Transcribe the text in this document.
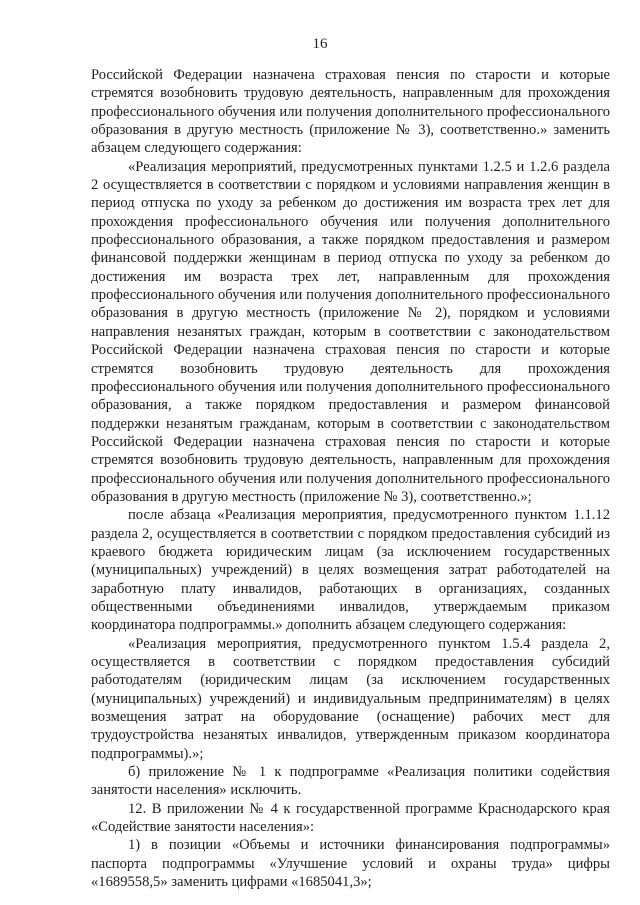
16

Российской Федерации назначена страховая пенсия по старости и которые стремятся возобновить трудовую деятельность, направленным для прохождения профессионального обучения или получения дополнительного профессионального образования в другую местность (приложение № 3), соответственно.» заменить абзацем следующего содержания:

«Реализация мероприятий, предусмотренных пунктами 1.2.5 и 1.2.6 раздела 2 осуществляется в соответствии с порядком и условиями направления женщин в период отпуска по уходу за ребенком до достижения им возраста трех лет для прохождения профессионального обучения или получения дополнительного профессионального образования, а также порядком предоставления и размером финансовой поддержки женщинам в период отпуска по уходу за ребенком до достижения им возраста трех лет, направленным для прохождения профессионального обучения или получения дополнительного профессионального образования в другую местность (приложение № 2), порядком и условиями направления незанятых граждан, которым в соответствии с законодательством Российской Федерации назначена страховая пенсия по старости и которые стремятся возобновить трудовую деятельность для прохождения профессионального обучения или получения дополнительного профессионального образования, а также порядком предоставления и размером финансовой поддержки незанятым гражданам, которым в соответствии с законодательством Российской Федерации назначена страховая пенсия по старости и которые стремятся возобновить трудовую деятельность, направленным для прохождения профессионального обучения или получения дополнительного профессионального образования в другую местность (приложение № 3), соответственно.»;

после абзаца «Реализация мероприятия, предусмотренного пунктом 1.1.12 раздела 2, осуществляется в соответствии с порядком предоставления субсидий из краевого бюджета юридическим лицам (за исключением государственных (муниципальных) учреждений) в целях возмещения затрат работодателей на заработную плату инвалидов, работающих в организациях, созданных общественными объединениями инвалидов, утверждаемым приказом координатора подпрограммы.» дополнить абзацем следующего содержания:

«Реализация мероприятия, предусмотренного пунктом 1.5.4 раздела 2, осуществляется в соответствии с порядком предоставления субсидий работодателям (юридическим лицам (за исключением государственных (муниципальных) учреждений) и индивидуальным предпринимателям) в целях возмещения затрат на оборудование (оснащение) рабочих мест для трудоустройства незанятых инвалидов, утвержденным приказом координатора подпрограммы).»;

б) приложение № 1 к подпрограмме «Реализация политики содействия занятости населения» исключить.

12. В приложении № 4 к государственной программе Краснодарского края «Содействие занятости населения»:

1) в позиции «Объемы и источники финансирования подпрограммы» паспорта подпрограммы «Улучшение условий и охраны труда» цифры «1689558,5» заменить цифрами «1685041,3»;
